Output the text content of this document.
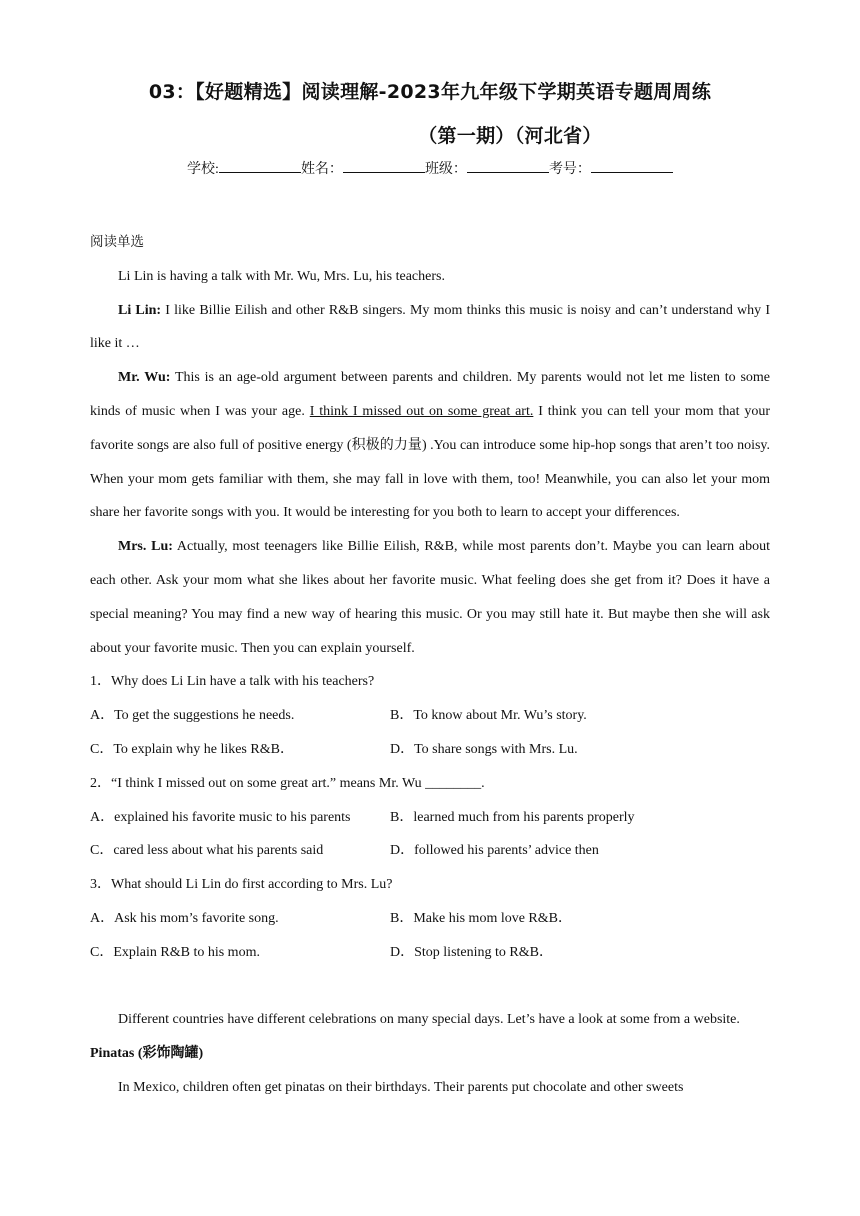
03：【好题精选】阅读理解-2023年九年级下学期英语专题周周练
（第一期）（河北省）
学校:	姓名：	班级：	考号：

阅读单选

Li Lin is having a talk with Mr. Wu, Mrs. Lu, his teachers.

Li Lin: I like Billie Eilish and other R&B singers. My mom thinks this music is noisy and can’t understand why I like it …

Mr. Wu: This is an age-old argument between parents and children. My parents would not let me listen to some kinds of music when I was your age. I think I missed out on some great art. I think you can tell your mom that your favorite songs are also full of positive energy (积极的力量) .You can introduce some hip-hop songs that aren’t too noisy. When your mom gets familiar with them, she may fall in love with them, too! Meanwhile, you can also let your mom share her favorite songs with you. It would be interesting for you both to learn to accept your differences.

Mrs. Lu: Actually, most teenagers like Billie Eilish, R&B, while most parents don’t. Maybe you can learn about each other. Ask your mom what she likes about her favorite music. What feeling does she get from it? Does it have a special meaning? You may find a new way of hearing this music. Or you may still hate it. But maybe then she will ask about your favorite music. Then you can explain yourself.

1．Why does Li Lin have a talk with his teachers?

A．To get the suggestions he needs.	B．To know about Mr. Wu’s story.
C．To explain why he likes R&B．	D．To share songs with Mrs. Lu.

2．“I think I missed out on some great art.” means Mr. Wu ________.

A．explained his favorite music to his parents	B．learned much from his parents properly
C．cared less about what his parents said	D．followed his parents’ advice then

3．What should Li Lin do first according to Mrs. Lu?

A．Ask his mom’s favorite song.	B．Make his mom love R&B．
C．Explain R&B to his mom.	D．Stop listening to R&B．

Different countries have different celebrations on many special days. Let’s have a look at some from a website.

Pinatas (彩饰陶罐)

In Mexico, children often get pinatas on their birthdays. Their parents put chocolate and other sweets
